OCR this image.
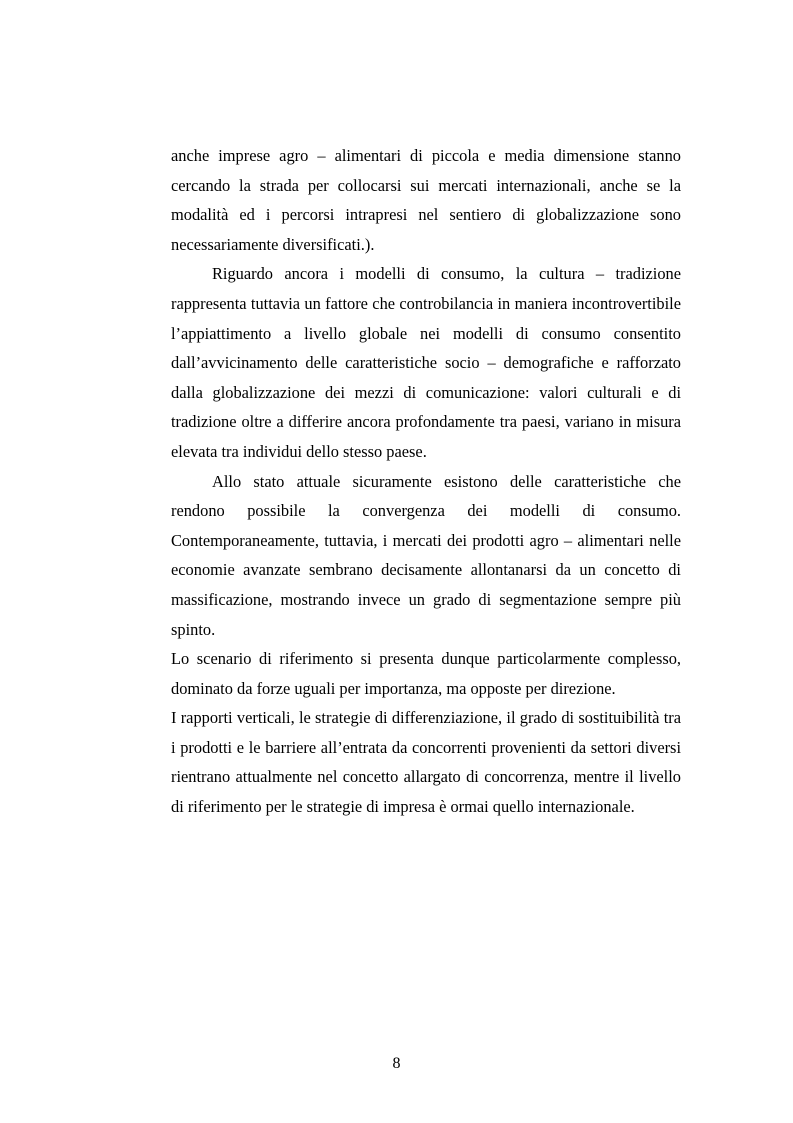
anche imprese agro – alimentari di piccola e media dimensione stanno cercando la strada per collocarsi sui mercati internazionali, anche se la modalità ed i percorsi intrapresi nel sentiero di globalizzazione sono necessariamente diversificati.).

Riguardo ancora i modelli di consumo, la cultura – tradizione rappresenta tuttavia un fattore che controbilancia in maniera incontrovertibile l’appiattimento a livello globale nei modelli di consumo consentito dall’avvicinamento delle caratteristiche socio – demografiche e rafforzato dalla globalizzazione dei mezzi di comunicazione: valori culturali e di tradizione oltre a differire ancora profondamente tra paesi, variano in misura elevata tra individui dello stesso paese.

Allo stato attuale sicuramente esistono delle caratteristiche che rendono possibile la convergenza dei modelli di consumo. Contemporaneamente, tuttavia, i mercati dei prodotti agro – alimentari nelle economie avanzate sembrano decisamente allontanarsi da un concetto di massificazione, mostrando invece un grado di segmentazione sempre più spinto.

Lo scenario di riferimento si presenta dunque particolarmente complesso, dominato da forze uguali per importanza, ma opposte per direzione.

I rapporti verticali, le strategie di differenziazione, il grado di sostituibilità tra i prodotti e le barriere all’entrata da concorrenti provenienti da settori diversi rientrano attualmente nel concetto allargato di concorrenza, mentre il livello di riferimento per le strategie di impresa è ormai quello internazionale.

8
